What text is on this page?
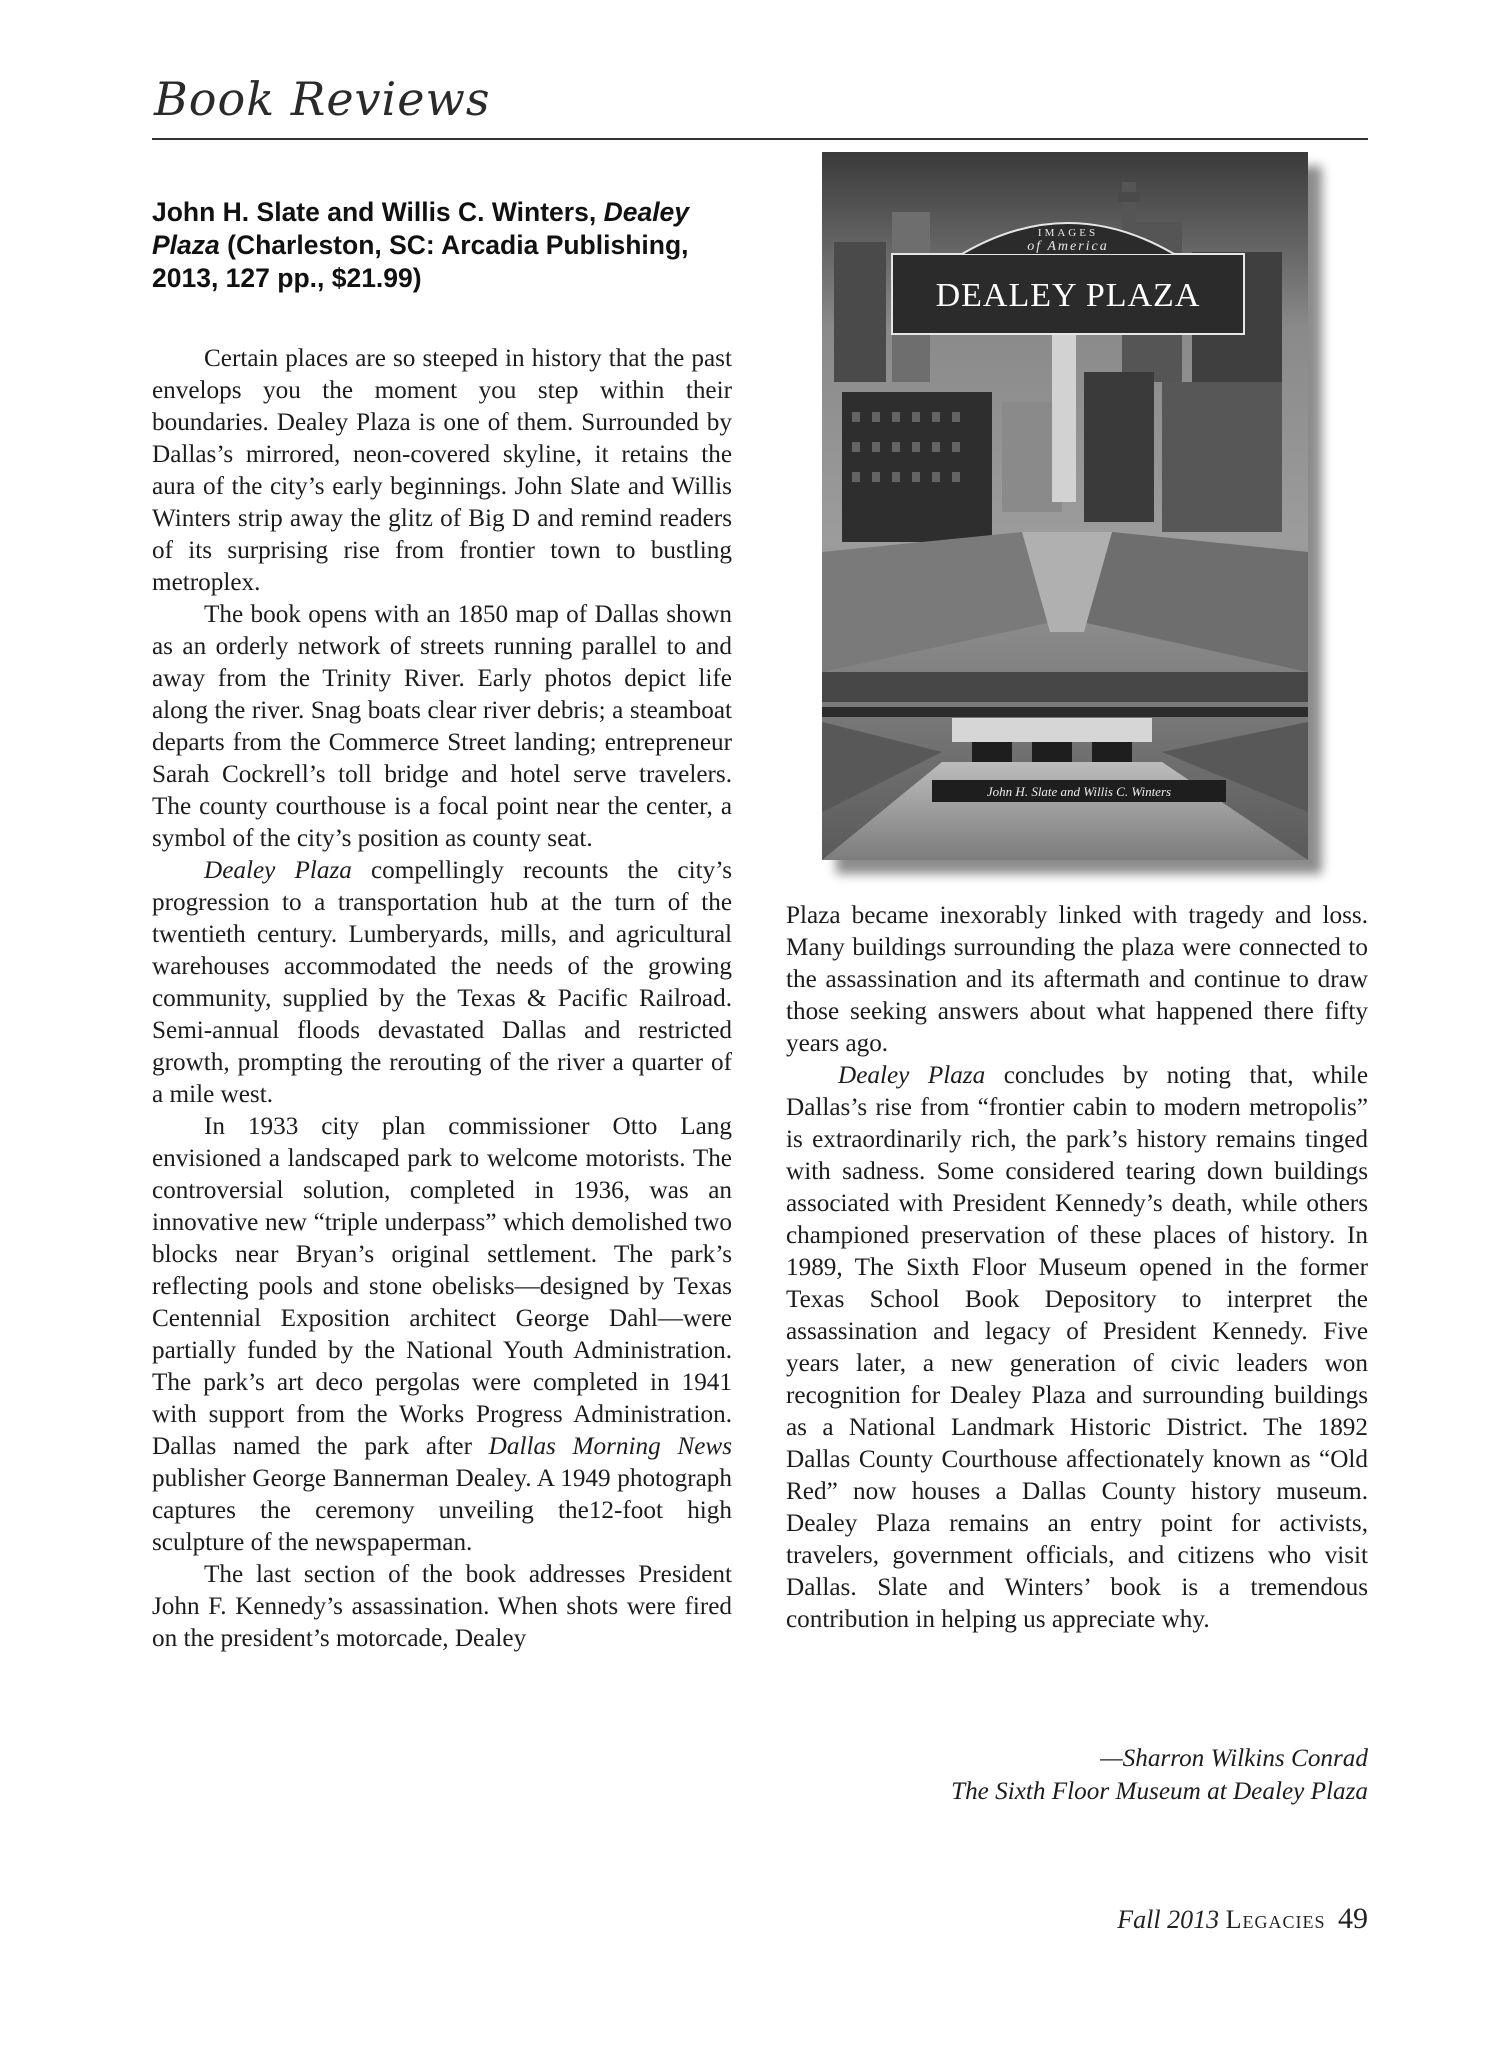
Book Reviews
John H. Slate and Willis C. Winters, Dealey Plaza (Charleston, SC: Arcadia Publishing, 2013, 127 pp., $21.99)

Certain places are so steeped in history that the past envelops you the moment you step within their boundaries. Dealey Plaza is one of them. Surrounded by Dallas’s mirrored, neon-covered skyline, it retains the aura of the city’s early beginnings. John Slate and Willis Winters strip away the glitz of Big D and remind readers of its surprising rise from frontier town to bustling metroplex.

The book opens with an 1850 map of Dallas shown as an orderly network of streets running parallel to and away from the Trinity River. Early photos depict life along the river. Snag boats clear river debris; a steamboat departs from the Commerce Street landing; entrepreneur Sarah Cockrell’s toll bridge and hotel serve travelers. The county courthouse is a focal point near the center, a symbol of the city’s position as county seat.

Dealey Plaza compellingly recounts the city’s progression to a transportation hub at the turn of the twentieth century. Lumberyards, mills, and agricultural warehouses accommodated the needs of the growing community, supplied by the Texas & Pacific Railroad. Semi-annual floods devastated Dallas and restricted growth, prompting the rerouting of the river a quarter of a mile west.

In 1933 city plan commissioner Otto Lang envisioned a landscaped park to welcome motorists. The controversial solution, completed in 1936, was an innovative new “triple underpass” which demolished two blocks near Bryan’s original settlement. The park’s reflecting pools and stone obelisks—designed by Texas Centennial Exposition architect George Dahl—were partially funded by the National Youth Administration. The park’s art deco pergolas were completed in 1941 with support from the Works Progress Administration. Dallas named the park after Dallas Morning News publisher George Bannerman Dealey. A 1949 photograph captures the ceremony unveiling the12-foot high sculpture of the newspaperman.

The last section of the book addresses President John F. Kennedy’s assassination. When shots were fired on the president’s motorcade, Dealey

IMAGES
of America
DEALEY PLAZA
John H. Slate and Willis C. Winters

Plaza became inexorably linked with tragedy and loss. Many buildings surrounding the plaza were connected to the assassination and its aftermath and continue to draw those seeking answers about what happened there fifty years ago.

Dealey Plaza concludes by noting that, while Dallas’s rise from “frontier cabin to modern metropolis” is extraordinarily rich, the park’s history remains tinged with sadness. Some considered tearing down buildings associated with President Kennedy’s death, while others championed preservation of these places of history. In 1989, The Sixth Floor Museum opened in the former Texas School Book Depository to interpret the assassination and legacy of President Kennedy. Five years later, a new generation of civic leaders won recognition for Dealey Plaza and surrounding buildings as a National Landmark Historic District. The 1892 Dallas County Courthouse affectionately known as “Old Red” now houses a Dallas County history museum. Dealey Plaza remains an entry point for activists, travelers, government officials, and citizens who visit Dallas. Slate and Winters’ book is a tremendous contribution in helping us appreciate why.

—Sharron Wilkins Conrad
The Sixth Floor Museum at Dealey Plaza
Fall 2013 Legacies 49
